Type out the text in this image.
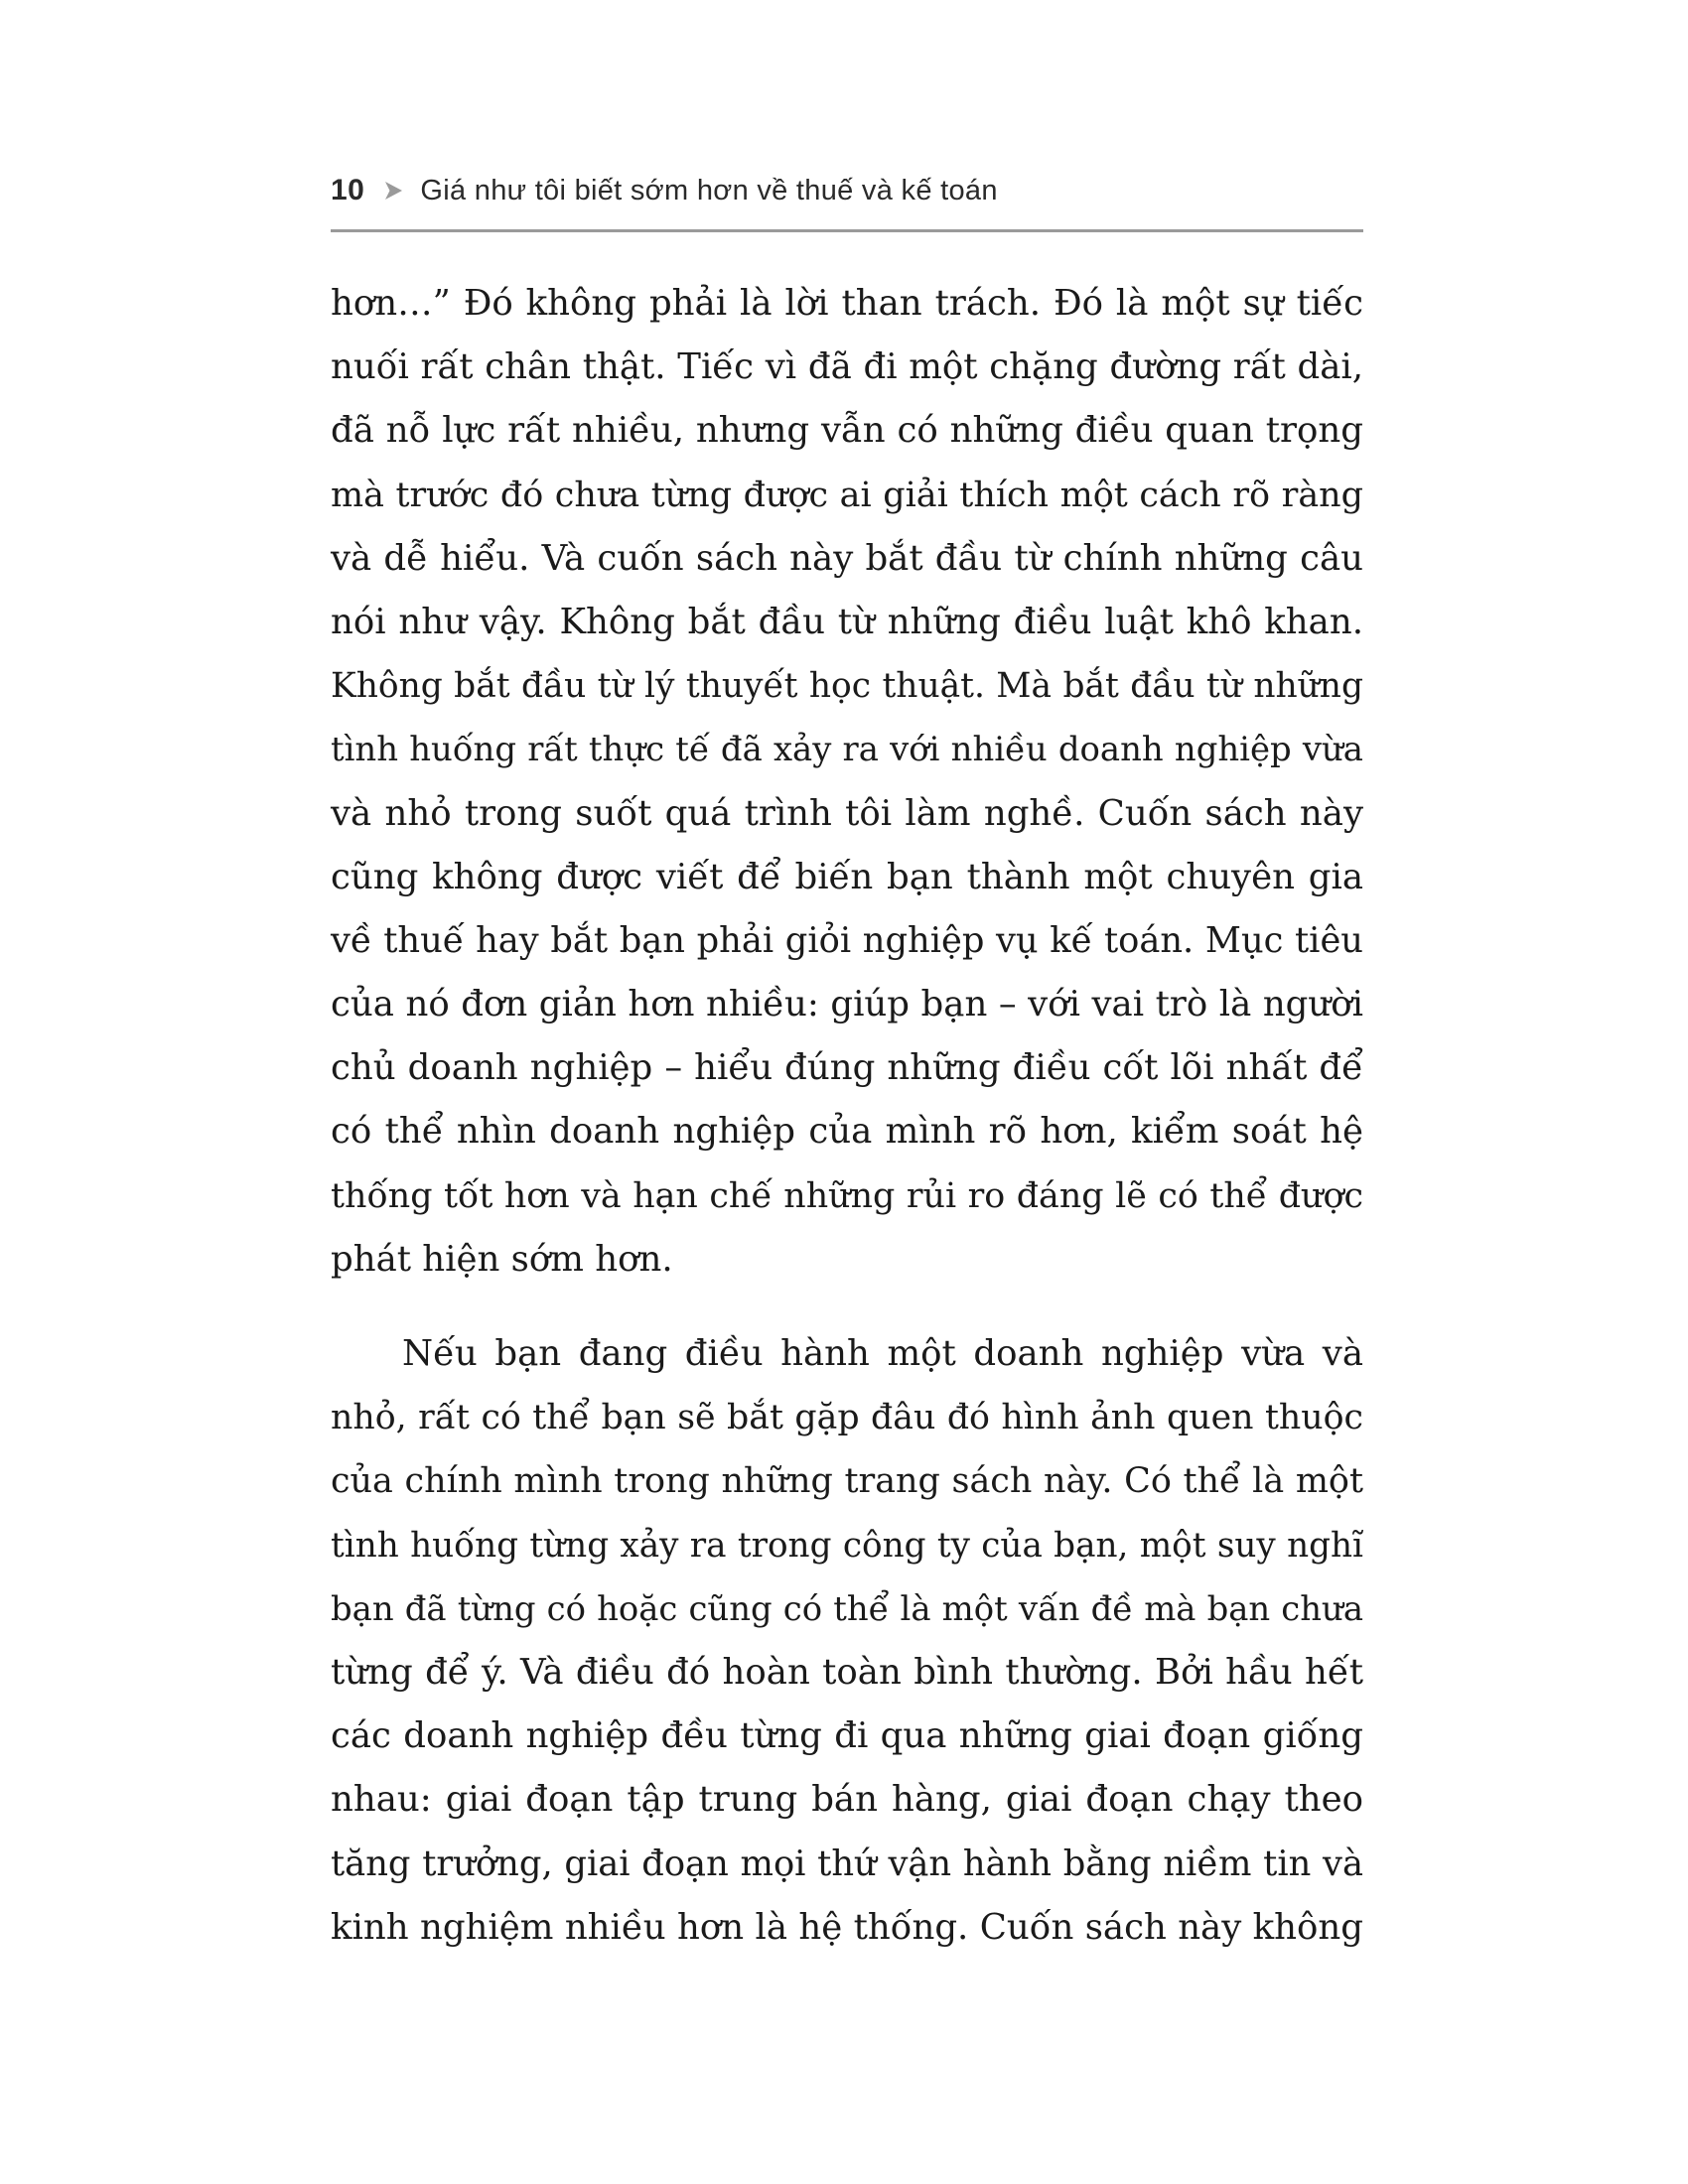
10 Giá như tôi biết sớm hơn về thuế và kế toán
hơn…” Đó không phải là lời than trách. Đó là một sự tiếc
nuối rất chân thật. Tiếc vì đã đi một chặng đường rất dài,
đã nỗ lực rất nhiều, nhưng vẫn có những điều quan trọng
mà trước đó chưa từng được ai giải thích một cách rõ ràng
và dễ hiểu. Và cuốn sách này bắt đầu từ chính những câu
nói như vậy. Không bắt đầu từ những điều luật khô khan.
Không bắt đầu từ lý thuyết học thuật. Mà bắt đầu từ những
tình huống rất thực tế đã xảy ra với nhiều doanh nghiệp vừa
và nhỏ trong suốt quá trình tôi làm nghề. Cuốn sách này
cũng không được viết để biến bạn thành một chuyên gia
về thuế hay bắt bạn phải giỏi nghiệp vụ kế toán. Mục tiêu
của nó đơn giản hơn nhiều: giúp bạn – với vai trò là người
chủ doanh nghiệp – hiểu đúng những điều cốt lõi nhất để
có thể nhìn doanh nghiệp của mình rõ hơn, kiểm soát hệ
thống tốt hơn và hạn chế những rủi ro đáng lẽ có thể được
phát hiện sớm hơn.
Nếu bạn đang điều hành một doanh nghiệp vừa và
nhỏ, rất có thể bạn sẽ bắt gặp đâu đó hình ảnh quen thuộc
của chính mình trong những trang sách này. Có thể là một
tình huống từng xảy ra trong công ty của bạn, một suy nghĩ
bạn đã từng có hoặc cũng có thể là một vấn đề mà bạn chưa
từng để ý. Và điều đó hoàn toàn bình thường. Bởi hầu hết
các doanh nghiệp đều từng đi qua những giai đoạn giống
nhau: giai đoạn tập trung bán hàng, giai đoạn chạy theo
tăng trưởng, giai đoạn mọi thứ vận hành bằng niềm tin và
kinh nghiệm nhiều hơn là hệ thống. Cuốn sách này không
